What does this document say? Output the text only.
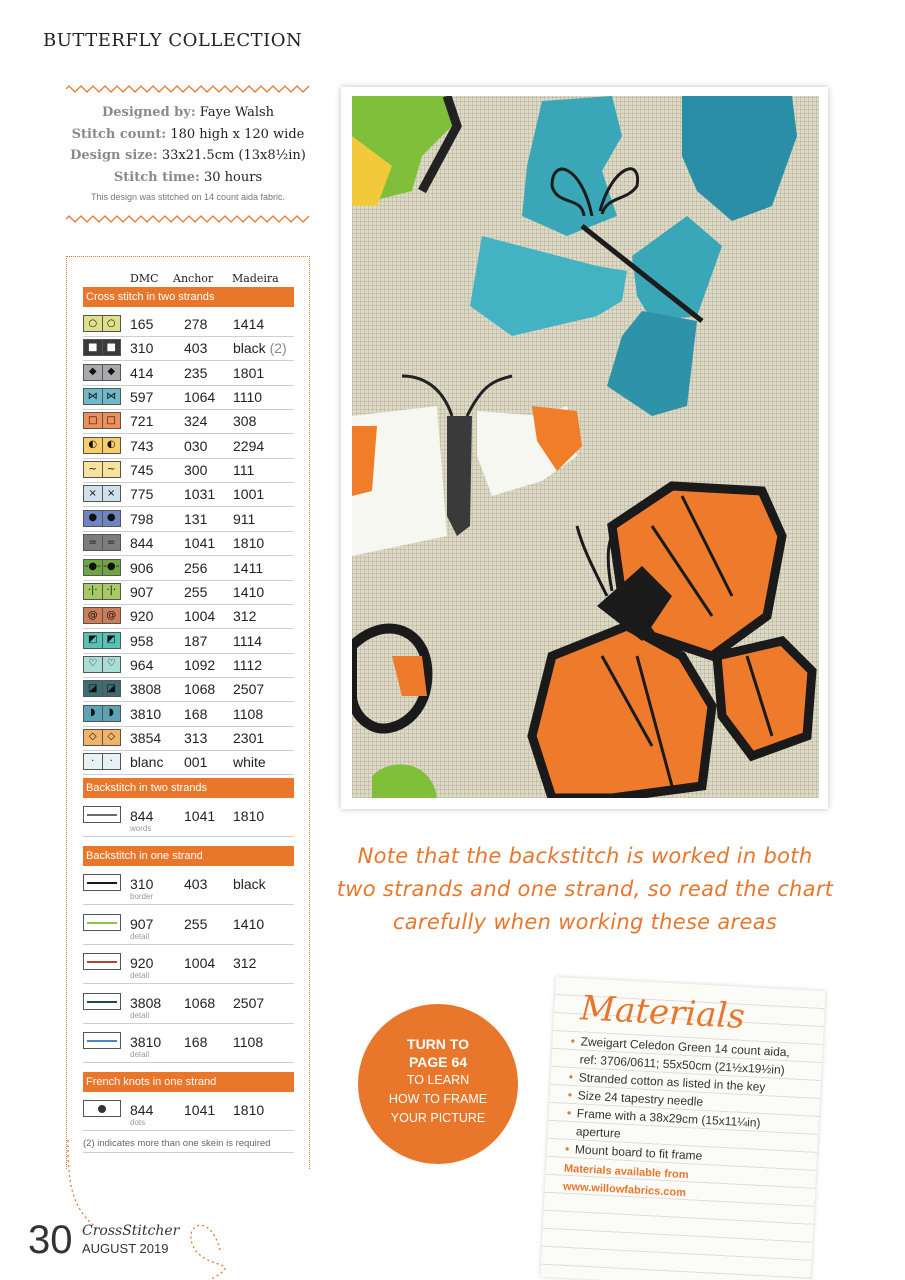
BUTTERFLY COLLECTION
Designed by: Faye Walsh
Stitch count: 180 high x 120 wide
Design size: 33x21.5cm (13x8½in)
Stitch time: 30 hours
This design was stitched on 14 count aida fabric.
DMC Anchor Madeira
Cross stitch in two strands
○ ○	165 278 1414
■ ■ 310 403 black (2)
◆	◆	414 235 1801
⋈ ⋈ 597 1064 1110
□ □ 721 324 308
◐ ◐	743 030 2294
~	~	745 300 111
×	×	775 1031 1001
● ●	798 131 911
=	=	844 1041 1810
-●- -●- 906 256 1411
·|· ·|· 907 255 1410
@ @ 920 1004 312
◩ ◩ 958 187 1114
♡ ♡	964 1092 1112
◪ ◪ 3808 1068 2507
◗	◗	3810 168 1108
◇	◇	3854 313 2301
·	·	blanc 001 white
Backstitch in two strands
844 1041 1810
words
Backstitch in one strand
310 403 black
border
907 255 1410
detail
920 1004 312
detail
3808 1068 2507
detail
3810 168 1108
detail
French knots in one strand
844 1041 1810
dots
(2) indicates more than one skein is required
Note that the backstitch is worked in both two strands and one strand, so read the chart carefully when working these areas
TURN TO
PAGE 64
TO LEARN
HOW TO FRAME
YOUR PICTURE
Materials
• Zweigart Celedon Green 14 count aida, ref: 3706/0611; 55x50cm (21½x19½in)
• Stranded cotton as listed in the key
• Size 24 tapestry needle
• Frame with a 38x29cm (15x11¼in) aperture
• Mount board to fit frame
Materials available from www.willowfabrics.com
30 CrossStitcher
AUGUST 2019
